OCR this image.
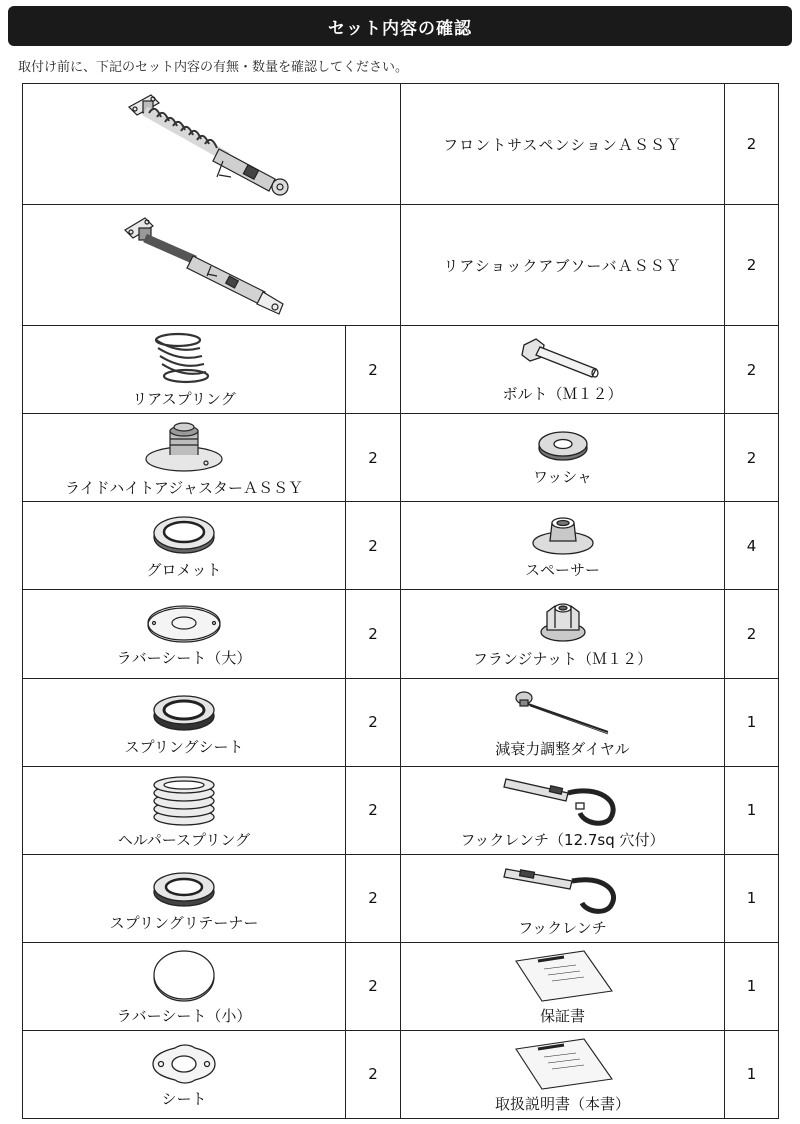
セット内容の確認
取付け前に、下記のセット内容の有無・数量を確認してください。
	フロントサスペンションＡＳＳＹ	2

	リアショックアブソーバＡＳＳＹ	2

リアスプリング	2	ボルト（Ｍ１２）	2

ライドハイトアジャスターＡＳＳＹ	2	ワッシャ	2

グロメット	2	スペーサー	4

ラバーシート（大）	2	フランジナット（Ｍ１２）	2

スプリングシート	2	減衰力調整ダイヤル	1

ヘルパースプリング	2	フックレンチ（12.7sq 穴付）	1

スプリングリテーナー	2	フックレンチ	1

ラバーシート（小）	2	保証書	1

シート	2	取扱説明書（本書）	1
